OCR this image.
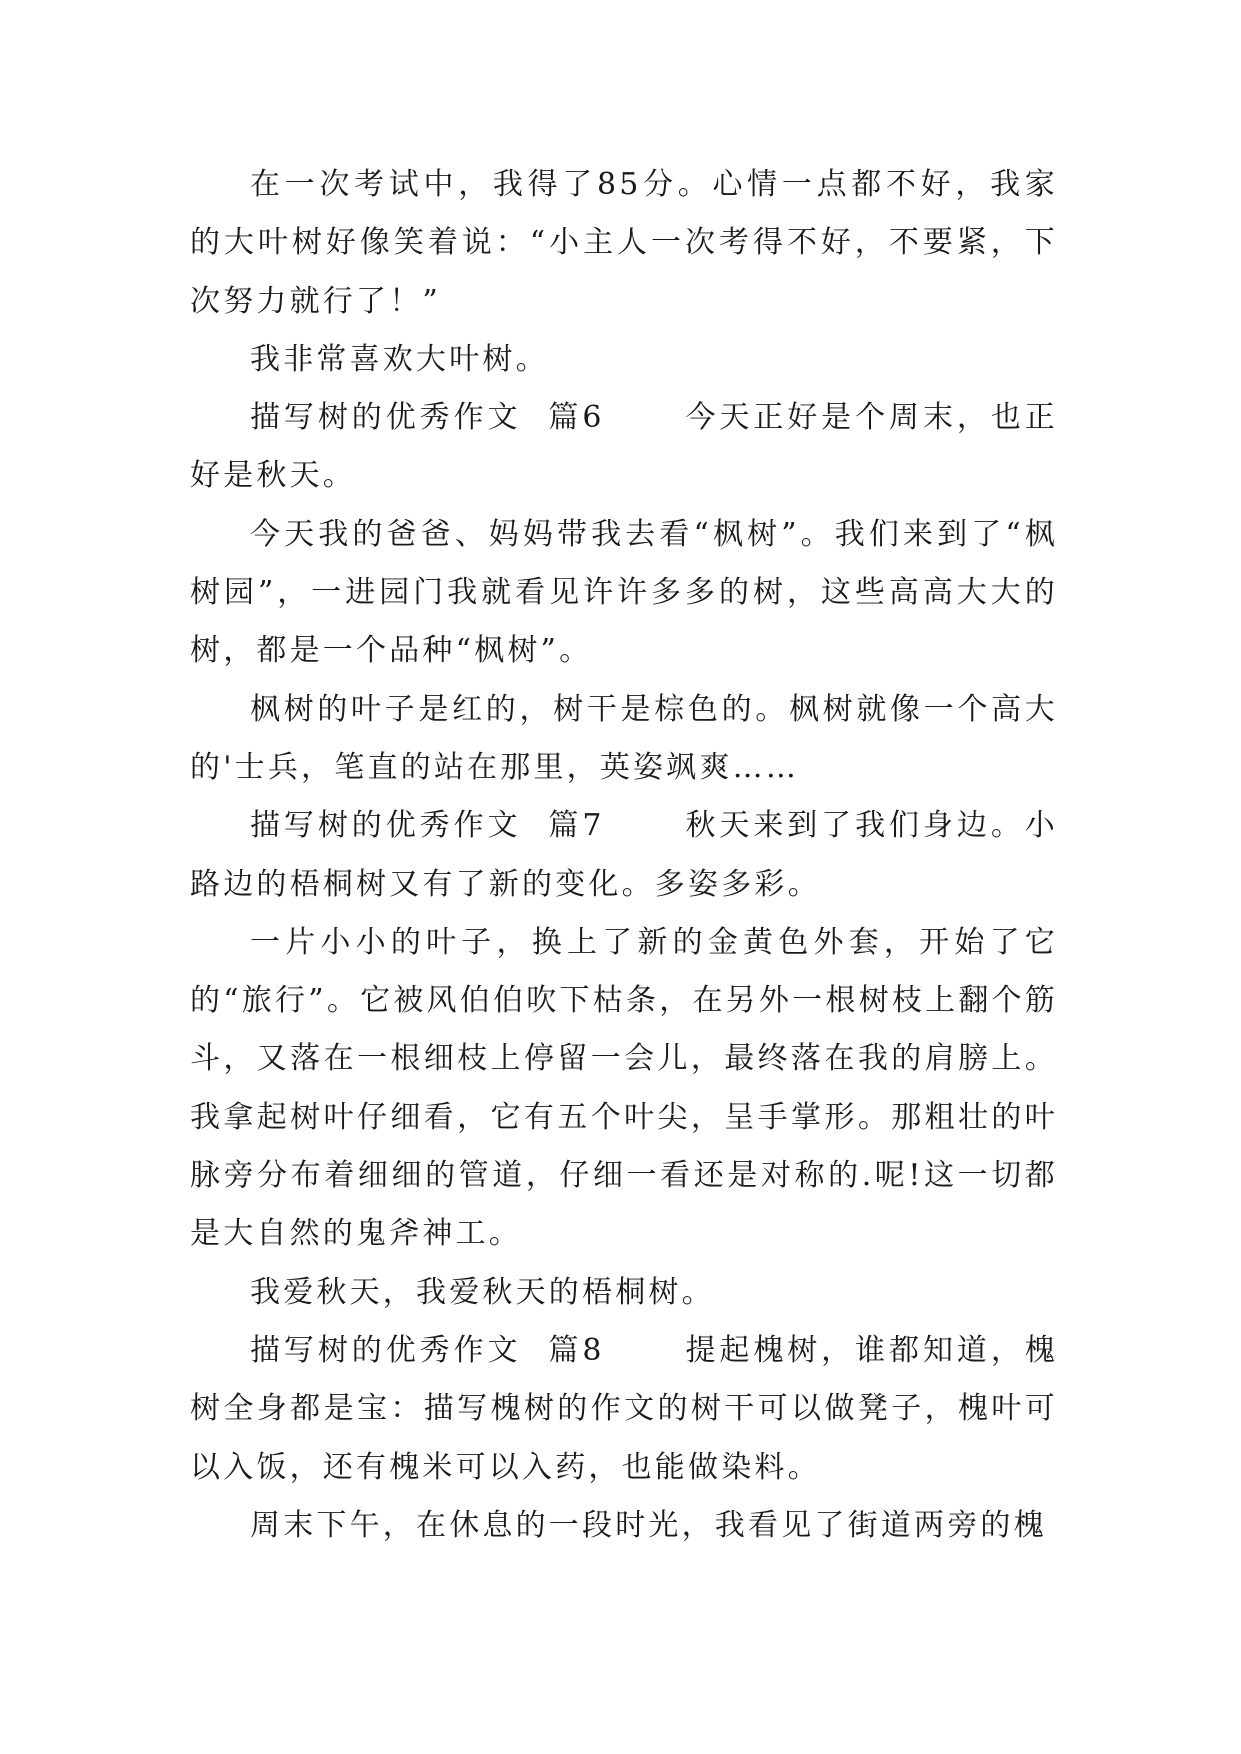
在一次考试中，我得了85分。心情一点都不好，我家的大叶树好像笑着说：“小主人一次考得不好，不要紧，下次努力就行了！”

我非常喜欢大叶树。

描写树的优秀作文  篇6      今天正好是个周末，也正好是秋天。

今天我的爸爸、妈妈带我去看“枫树”。我们来到了“枫树园”，一进园门我就看见许许多多的树，这些高高大大的树，都是一个品种“枫树”。

枫树的叶子是红的，树干是棕色的。枫树就像一个高大的'士兵，笔直的站在那里，英姿飒爽……

描写树的优秀作文  篇7      秋天来到了我们身边。小路边的梧桐树又有了新的变化。多姿多彩。

一片小小的叶子，换上了新的金黄色外套，开始了它的“旅行”。它被风伯伯吹下枯条，在另外一根树枝上翻个筋斗，又落在一根细枝上停留一会儿，最终落在我的肩膀上。我拿起树叶仔细看，它有五个叶尖，呈手掌形。那粗壮的叶脉旁分布着细细的管道，仔细一看还是对称的.呢!这一切都是大自然的鬼斧神工。

我爱秋天，我爱秋天的梧桐树。

描写树的优秀作文  篇8      提起槐树，谁都知道，槐树全身都是宝：描写槐树的作文的树干可以做凳子，槐叶可以入饭，还有槐米可以入药，也能做染料。

周末下午，在休息的一段时光，我看见了街道两旁的槐
